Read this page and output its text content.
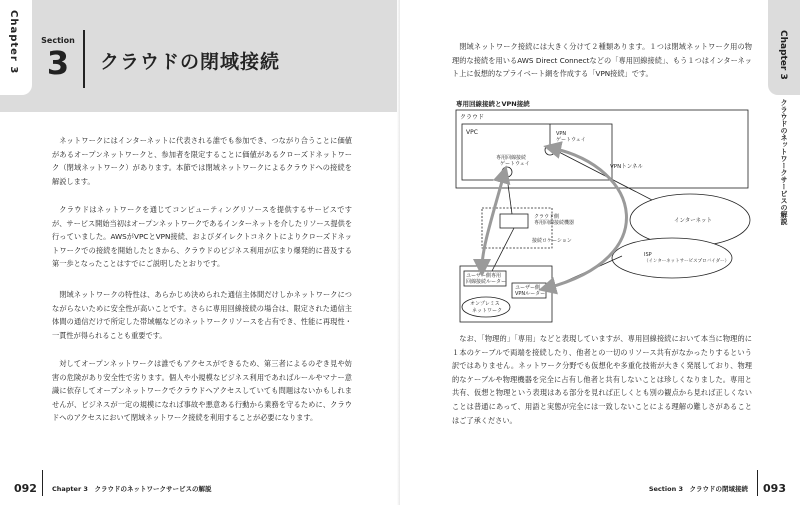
Chapter 3	Section
3	クラウドの閉域接続

ネットワークにはインターネットに代表される誰でも参加でき、つながり合うことに価値があるオープンネットワークと、参加者を限定することに価値があるクローズドネットワーク（閉域ネットワーク）があります。本節では閉域ネットワークによるクラウドへの接続を解説します。

クラウドはネットワークを通じてコンピューティングリソースを提供するサービスですが、サービス開始当初はオープンネットワークであるインターネットを介したリソース提供を行っていました。AWSがVPCとVPN接続、およびダイレクトコネクトによりクローズドネットワークでの接続を開始したときから、クラウドのビジネス利用が広まり爆発的に普及する第一歩となったことはすでにご説明したとおりです。

閉域ネットワークの特性は、あらかじめ決められた通信主体間だけしかネットワークにつながらないために安全性が高いことです。さらに専用回線接続の場合は、限定された通信主体間の通信だけで所定した帯域幅などのネットワークリソースを占有でき、性能に再現性・一貫性が得られることも重要です。

対してオープンネットワークは誰でもアクセスができるため、第三者によるのぞき見や妨害の危険があり安全性で劣ります。個人や小規模なビジネス利用であればルールやマナー意識に依存してオープンネットワークでクラウドへアクセスしていても問題はないかもしれませんが、ビジネスが一定の規模になれば事故や悪意ある行動から業務を守るために、クラウドへのアクセスにおいて閉域ネットワーク接続を利用することが必要になります。

092 Chapter 3　クラウドのネットワークサービスの解説
Chapter 3
クラウドのネットワークサービスの解説

閉域ネットワーク接続には大きく分けて２種類あります。１つは閉域ネットワーク用の物理的な接続を用いるAWS Direct Connectなどの「専用回線接続」、もう１つはインターネット上に仮想的なプライベート網を作成する「VPN接続」です。

専用回線接続とVPN接続
クラウド
VPC
専用回線接続
ゲートウェイ
VPN
ゲートウェイ
VPNトンネル
クラウド側
専用回線接続機器
接続ロケーション
インターネット
ISP
（インターネットサービスプロバイダー）
ユーザー側専用
回線接続ルーター
ユーザー側
VPNルーター
オンプレミス
ネットワーク

なお、「物理的」「専用」などと表現していますが、専用回線接続において本当に物理的に１本のケーブルで両端を接続したり、他者との一切のリソース共有がなかったりするという訳ではありません。ネットワーク分野でも仮想化や多重化技術が大きく発展しており、物理的なケーブルや物理機器を完全に占有し他者と共有しないことは珍しくなりました。専用と共有、仮想と物理という表現はある部分を見れば正しくとも別の観点から見れば正しくないことは普通にあって、用語と実態が完全には一致しないことによる理解の難しさがあることはご了承ください。

Section 3　クラウドの閉域接続 093
